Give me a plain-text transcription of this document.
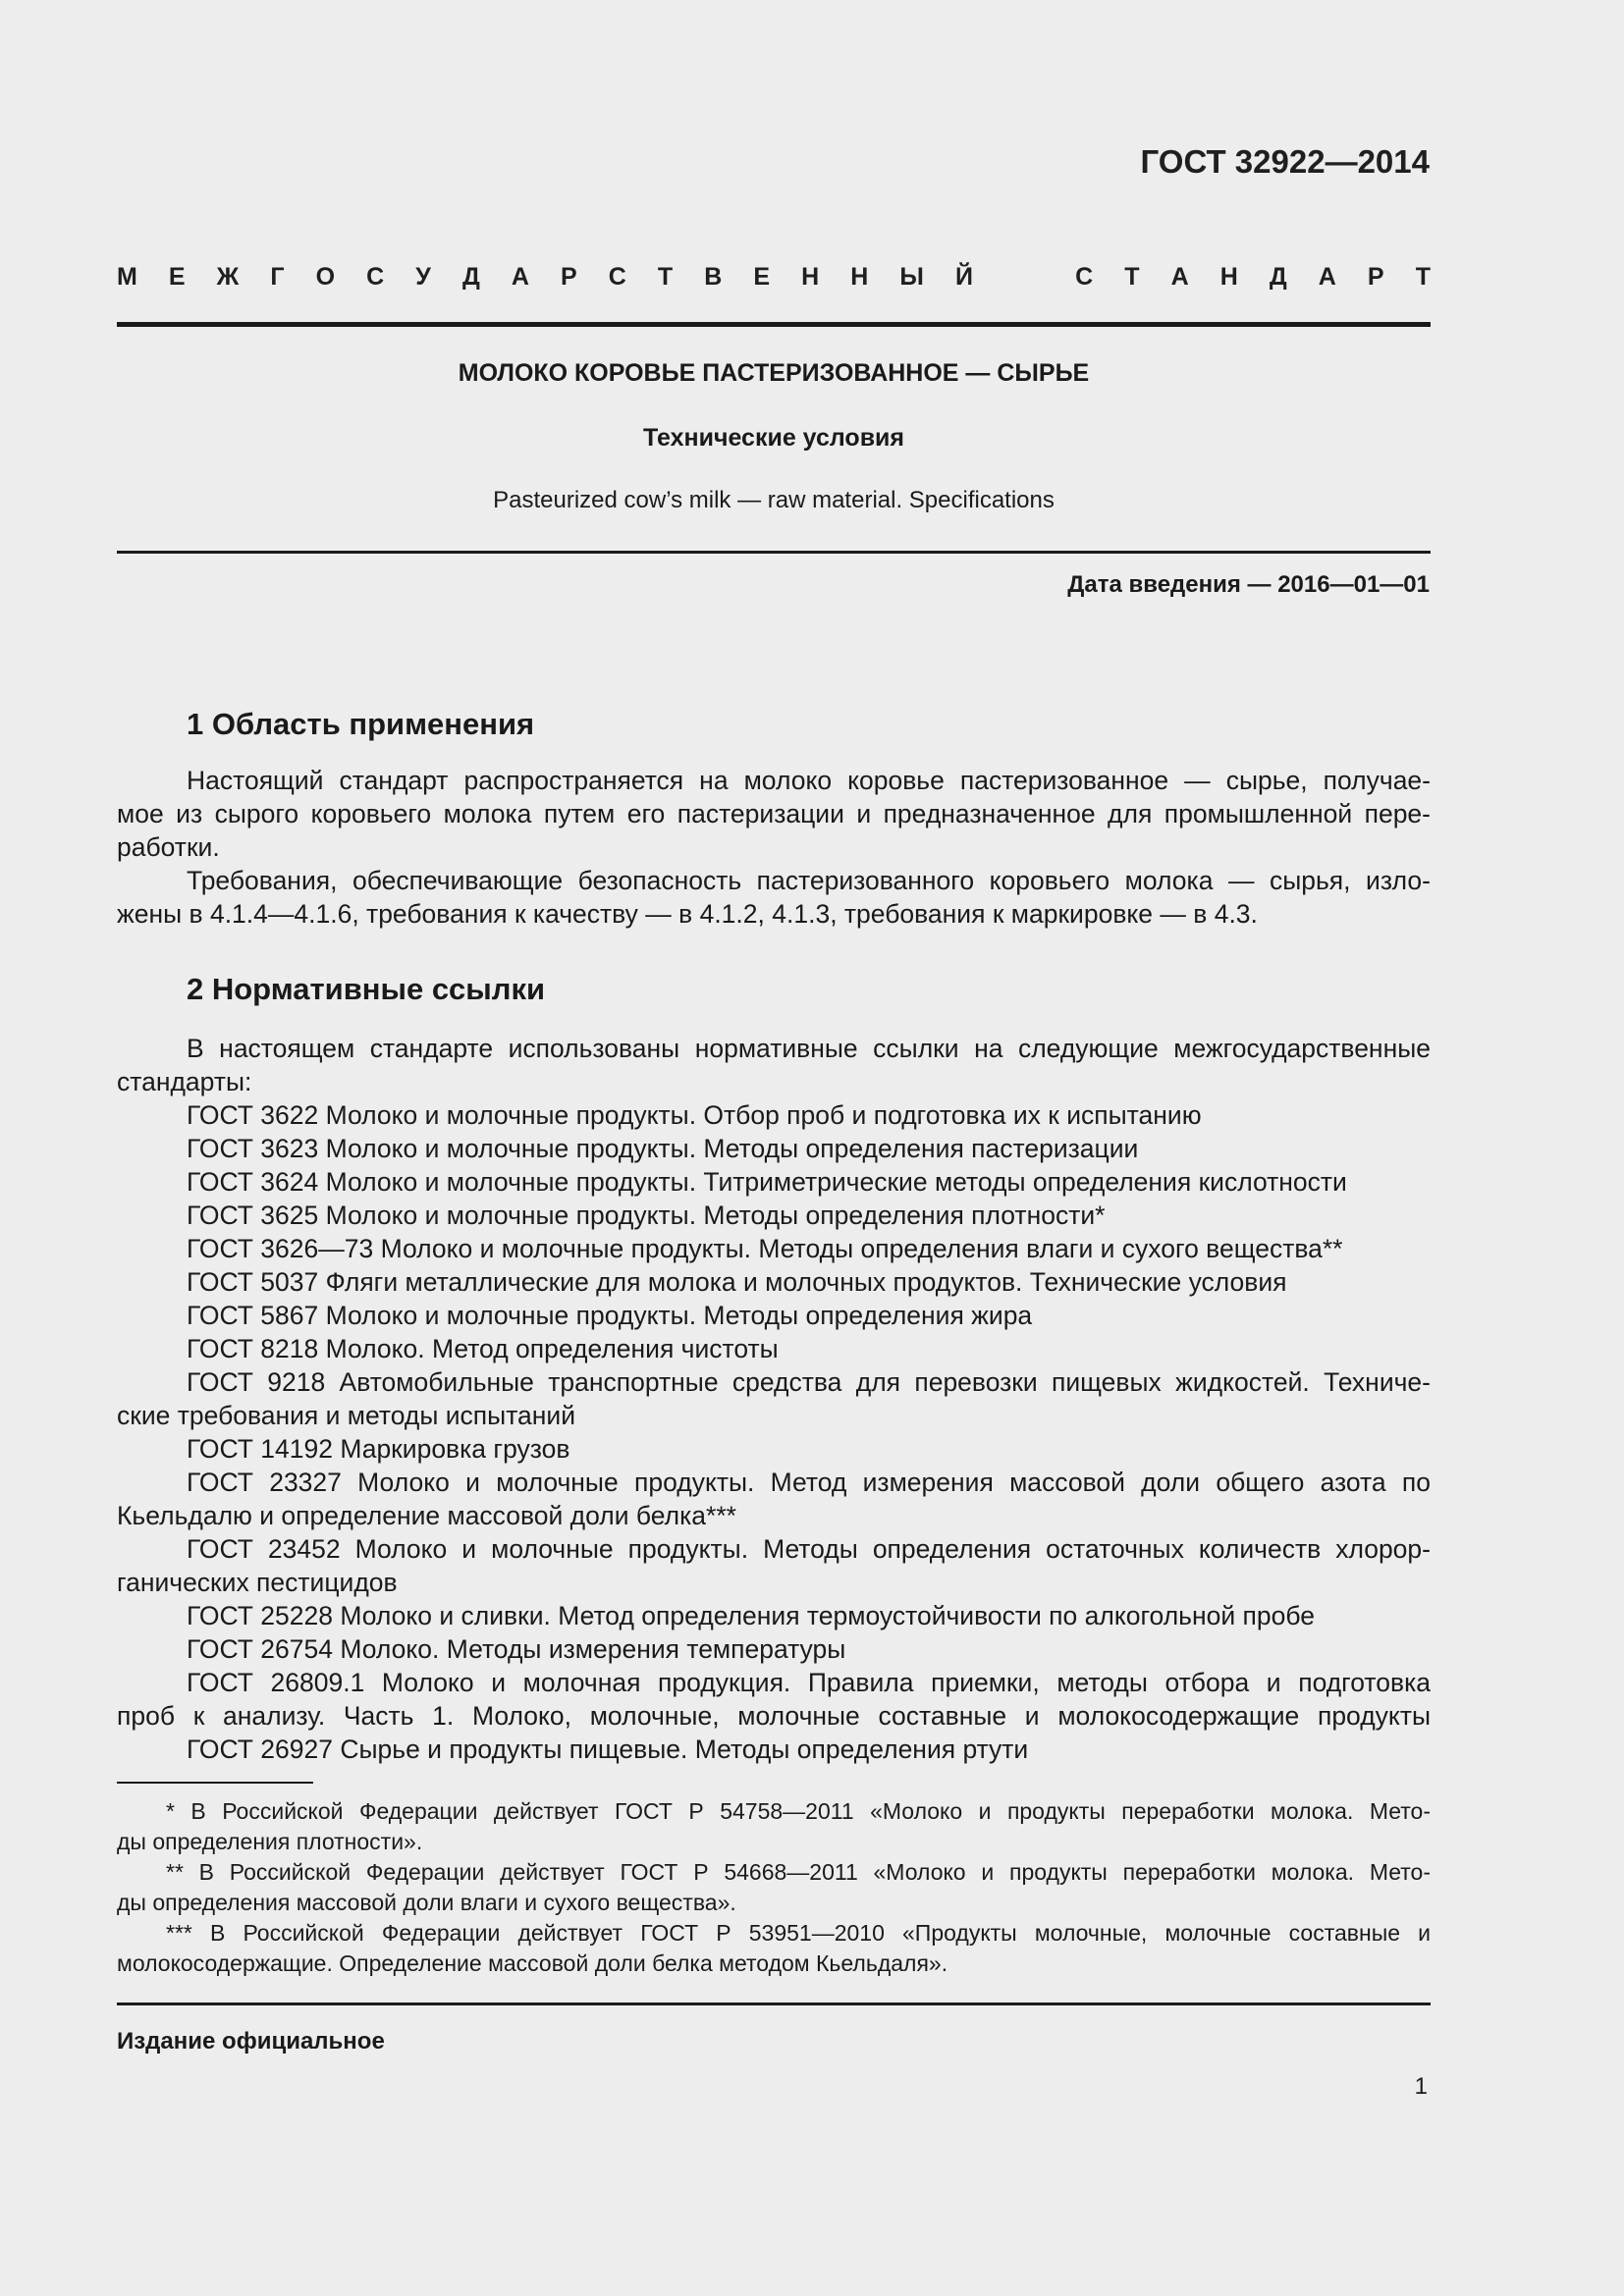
ГОСТ 32922—2014
М Е Ж Г О С У Д А Р С Т В Е Н Н Ы Й	С Т А Н Д А Р Т
МОЛОКО КОРОВЬЕ ПАСТЕРИЗОВАННОЕ — СЫРЬЕ
Технические условия
Pasteurized cow’s milk — raw material. Specifications
Дата введения — 2016—01—01
1 Область применения
Настоящий стандарт распространяется на молоко коровье пастеризованное — сырье, получае-
мое из сырого коровьего молока путем его пастеризации и предназначенное для промышленной пере-
работки.
Требования, обеспечивающие безопасность пастеризованного коровьего молока — сырья, изло-
жены в 4.1.4—4.1.6, требования к качеству — в 4.1.2, 4.1.3, требования к маркировке — в 4.3.
2 Нормативные ссылки
В настоящем стандарте использованы нормативные ссылки на следующие межгосударственные
стандарты:
ГОСТ 3622 Молоко и молочные продукты. Отбор проб и подготовка их к испытанию
ГОСТ 3623 Молоко и молочные продукты. Методы определения пастеризации
ГОСТ 3624 Молоко и молочные продукты. Титриметрические методы определения кислотности
ГОСТ 3625 Молоко и молочные продукты. Методы определения плотности*
ГОСТ 3626—73 Молоко и молочные продукты. Методы определения влаги и сухого вещества**
ГОСТ 5037 Фляги металлические для молока и молочных продуктов. Технические условия
ГОСТ 5867 Молоко и молочные продукты. Методы определения жира
ГОСТ 8218 Молоко. Метод определения чистоты
ГОСТ 9218 Автомобильные транспортные средства для перевозки пищевых жидкостей. Техниче-
ские требования и методы испытаний
ГОСТ 14192 Маркировка грузов
ГОСТ 23327 Молоко и молочные продукты. Метод измерения массовой доли общего азота по
Кьельдалю и определение массовой доли белка***
ГОСТ 23452 Молоко и молочные продукты. Методы определения остаточных количеств хлорор-
ганических пестицидов
ГОСТ 25228 Молоко и сливки. Метод определения термоустойчивости по алкогольной пробе
ГОСТ 26754 Молоко. Методы измерения температуры
ГОСТ 26809.1 Молоко и молочная продукция. Правила приемки, методы отбора и подготовка
проб к анализу. Часть 1. Молоко, молочные, молочные составные и молокосодержащие продукты
ГОСТ 26927 Сырье и продукты пищевые. Методы определения ртути
* В Российской Федерации действует ГОСТ Р 54758—2011 «Молоко и продукты переработки молока. Мето-
ды определения плотности».
** В Российской Федерации действует ГОСТ Р 54668—2011 «Молоко и продукты переработки молока. Мето-
ды определения массовой доли влаги и сухого вещества».
*** В Российской Федерации действует ГОСТ Р 53951—2010 «Продукты молочные, молочные составные и
молокосодержащие. Определение массовой доли белка методом Кьельдаля».
Издание официальное
1
